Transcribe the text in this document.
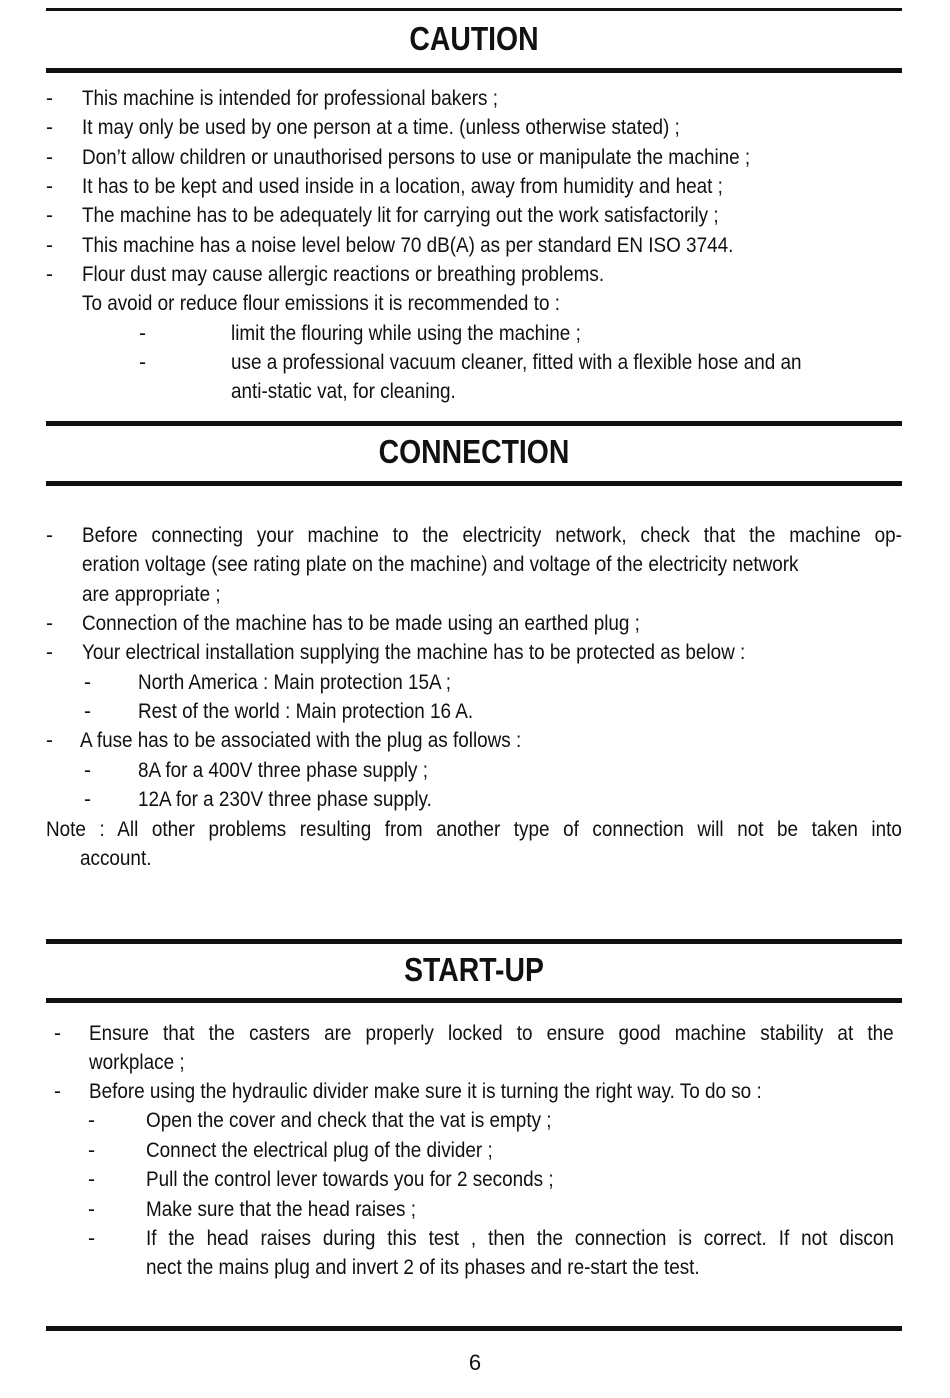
CAUTION
- This machine is intended for professional bakers ;
- It may only be used by one person at a time. (unless otherwise stated) ;
- Don’t allow children or unauthorised persons to use or manipulate the machine ;
- It has to be kept and used inside in a location, away from humidity and heat ;
- The machine has to be adequately lit for carrying out the work satisfactorily ;
- This machine has a noise level below 70 dB(A) as per standard EN ISO 3744.
- Flour dust may cause allergic reactions or breathing problems.
To avoid or reduce flour emissions it is recommended to :
-	limit the flouring while using the machine ;
-	use a professional vacuum cleaner, fitted with a flexible hose and an
anti-static vat, for cleaning.
CONNECTION
- Before connecting your machine to the electricity network, check that the machine op-
eration voltage (see rating plate on the machine) and voltage of the electricity network
are appropriate ;
- Connection of the machine has to be made using an earthed plug ;
- Your electrical installation supplying the machine has to be protected as below :
- North America : Main protection 15A ;
- Rest of the world : Main protection 16 A.
- A fuse has to be associated with the plug as follows :
- 8A for a 400V three phase supply ;
- 12A for a 230V three phase supply.
Note : All other problems resulting from another type of connection will not be taken into
account.
START-UP
- Ensure that the casters are properly locked to ensure good machine stability at the
workplace ;
- Before using the hydraulic divider make sure it is turning the right way. To do so :
- Open the cover and check that the vat is empty ;
- Connect the electrical plug of the divider ;
- Pull the control lever towards you for 2 seconds ;
- Make sure that the head raises ;
- If the head raises during this test , then the connection is correct. If not discon
nect the mains plug and invert 2 of its phases and re-start the test.
6
